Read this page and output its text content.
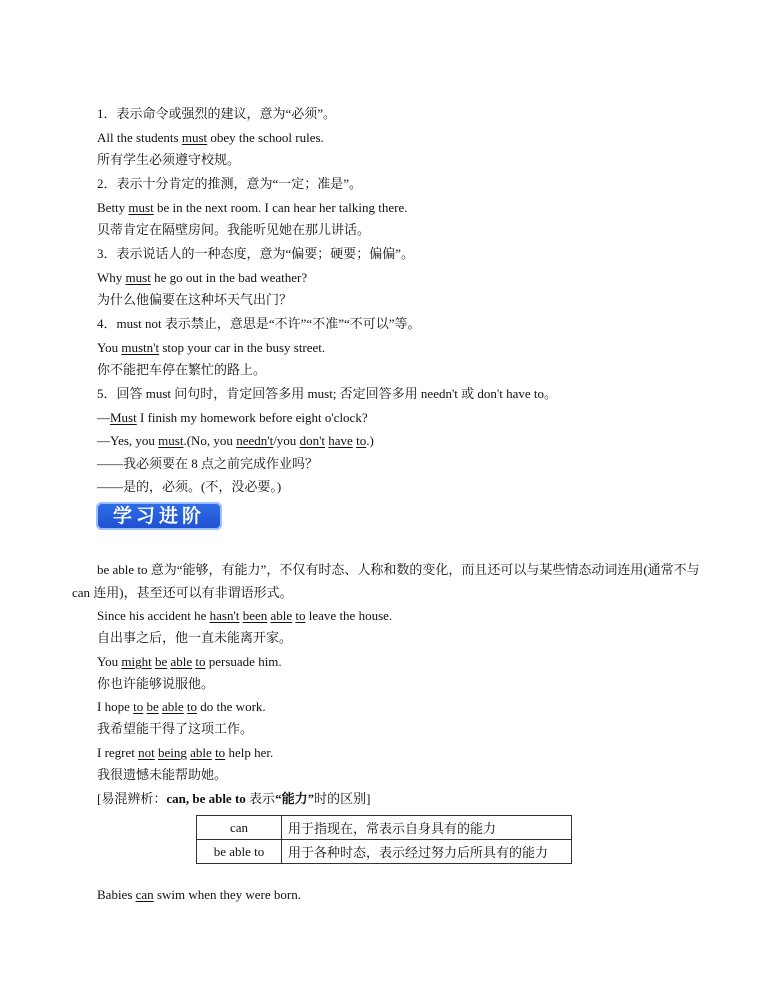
1．表示命令或强烈的建议，意为“必须”。
All the students must obey the school rules.
所有学生必须遵守校规。
2．表示十分肯定的推测，意为“一定；准是”。
Betty must be in the next room. I can hear her talking there.
贝蒂肯定在隔壁房间。我能听见她在那儿讲话。
3．表示说话人的一种态度，意为“偏要；硬要；偏偏”。
Why must he go out in the bad weather?
为什么他偏要在这种坏天气出门？
4．must not 表示禁止，意思是“不许”“不准”“不可以”等。
You mustn't stop your car in the busy street.
你不能把车停在繁忙的路上。
5．回答 must 问句时，肯定回答多用 must; 否定回答多用 needn't 或 don't have to。
—Must I finish my homework before eight o'clock?
—Yes, you must.(No, you needn't/you don't have to.)
——我必须要在 8 点之前完成作业吗？
——是的，必须。(不，没必要。)
学习进阶
be able to 意为“能够，有能力”，不仅有时态、人称和数的变化，而且还可以与某些情态动词连用(通常不与 can 连用)，甚至还可以有非谓语形式。
Since his accident he hasn't been able to leave the house.
自出事之后，他一直未能离开家。
You might be able to persuade him.
你也许能够说服他。
I hope to be able to do the work.
我希望能干得了这项工作。
I regret not being able to help her.
我很遗憾未能帮助她。
[易混辨析：can, be able to 表示“能力”时的区别]
can	用于指现在，常表示自身具有的能力
be able to	用于各种时态，表示经过努力后所具有的能力
Babies can swim when they were born.
